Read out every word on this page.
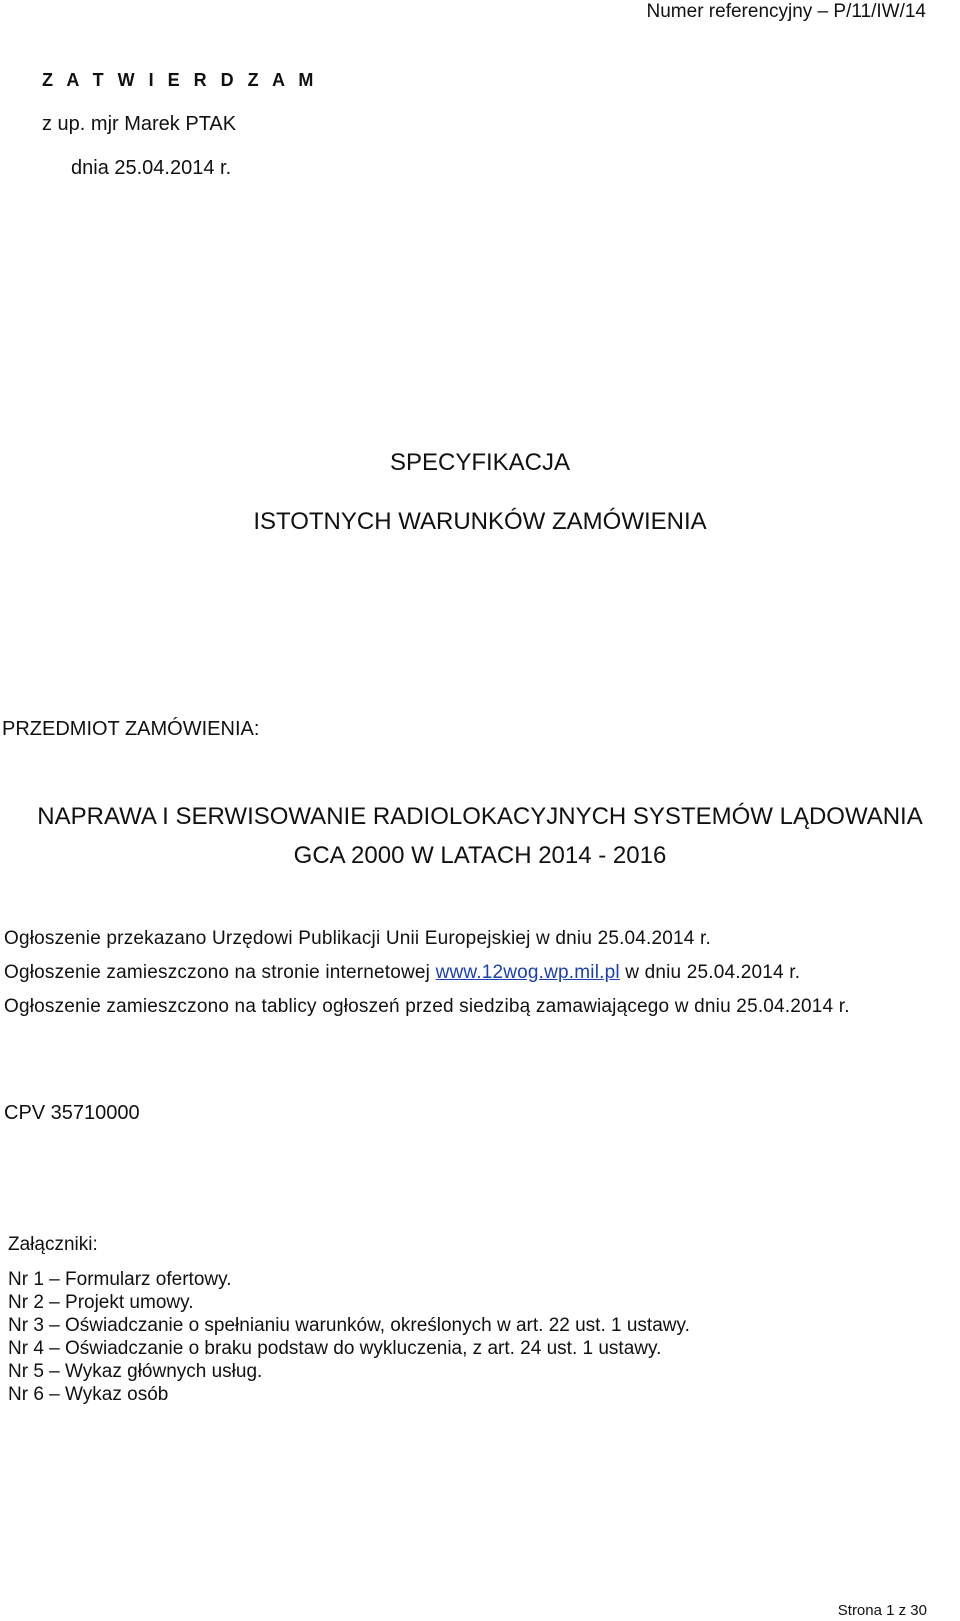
Numer referencyjny – P/11/IW/14
Z A T W I E R D Z A M
z up. mjr Marek PTAK
dnia 25.04.2014 r.
SPECYFIKACJA
ISTOTNYCH WARUNKÓW ZAMÓWIENIA
PRZEDMIOT ZAMÓWIENIA:
NAPRAWA I SERWISOWANIE RADIOLOKACYJNYCH SYSTEMÓW LĄDOWANIA
GCA 2000 W LATACH 2014 - 2016
Ogłoszenie przekazano Urzędowi Publikacji Unii Europejskiej w dniu 25.04.2014 r.
Ogłoszenie zamieszczono na stronie internetowej www.12wog.wp.mil.pl w dniu 25.04.2014 r.
Ogłoszenie zamieszczono na tablicy ogłoszeń przed siedzibą zamawiającego w dniu 25.04.2014 r.
CPV 35710000
Załączniki:
Nr 1 – Formularz ofertowy.
Nr 2 – Projekt umowy.
Nr 3 – Oświadczanie o spełnianiu warunków, określonych w art. 22 ust. 1 ustawy.
Nr 4 – Oświadczanie o braku podstaw do wykluczenia, z art. 24 ust. 1 ustawy.
Nr 5 – Wykaz głównych usług.
Nr 6 – Wykaz osób
Strona 1 z 30
